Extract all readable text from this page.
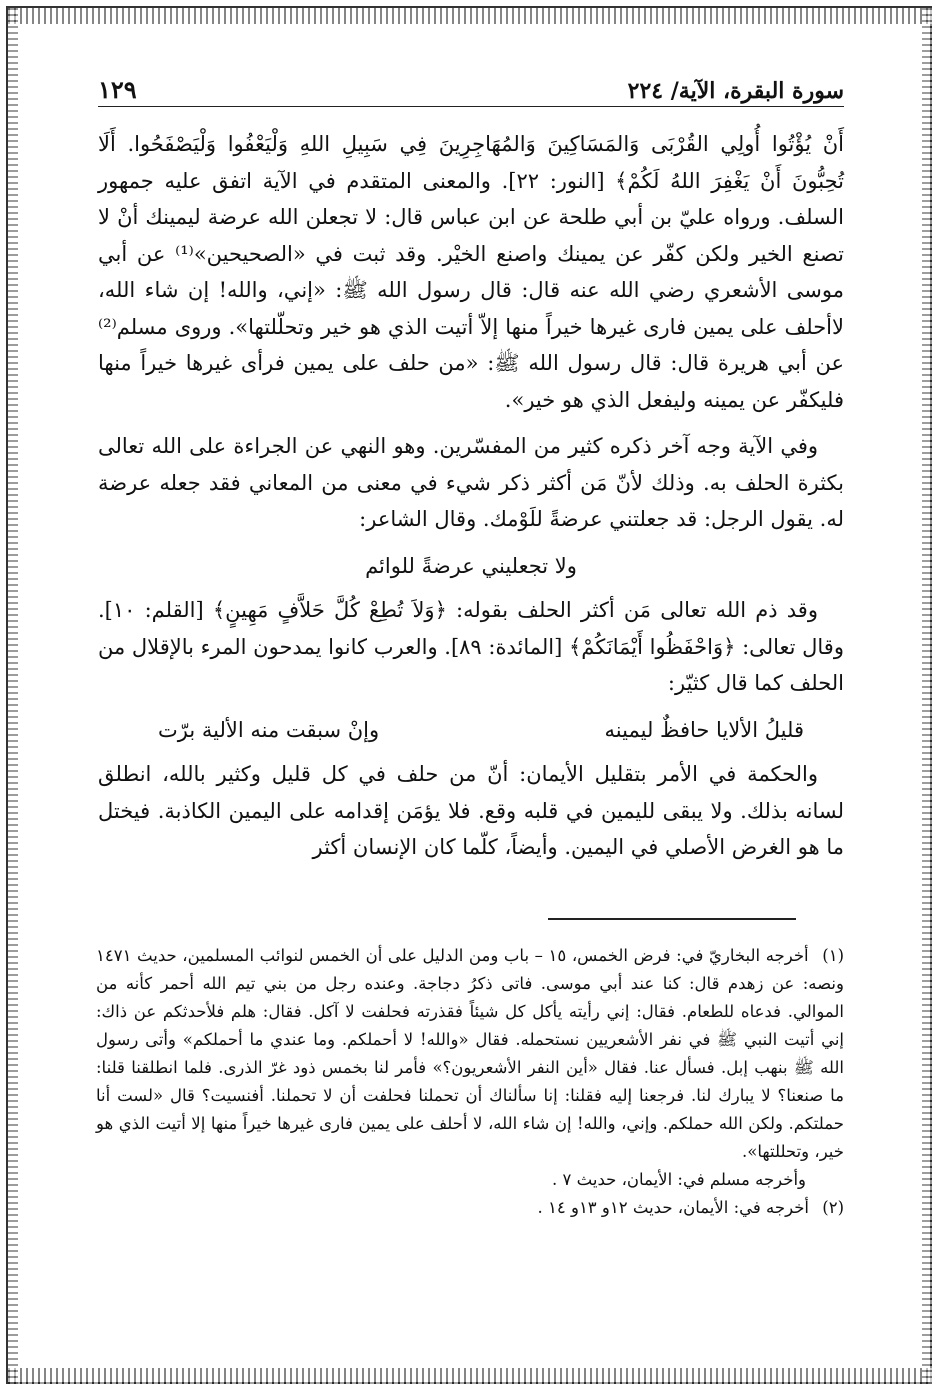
١٢٩	سورة البقرة، الآية/ ٢٢٤

أَنْ يُؤْتُوا أُولِي القُرْبَى وَالمَسَاكِينَ وَالمُهَاجِرِينَ فِي سَبِيلِ اللهِ وَلْيَعْفُوا وَلْيَصْفَحُوا. أَلَا تُحِبُّونَ أَنْ يَغْفِرَ اللهُ لَكُمْ﴾ [النور: ٢٢]. والمعنى المتقدم في الآية اتفق عليه جمهور السلف. ورواه عليّ بن أبي طلحة عن ابن عباس قال: لا تجعلن الله عرضة ليمينك أنْ لا تصنع الخير ولكن كفّر عن يمينك واصنع الخيْر. وقد ثبت في «الصحيحين»⁽¹⁾ عن أبي موسى الأشعري رضي الله عنه قال: قال رسول الله ﷺ: «إني، والله! إن شاء الله، لاأحلف على يمين فارى غيرها خيراً منها إلاّ أتيت الذي هو خير وتحلّلتها». وروى مسلم⁽²⁾ عن أبي هريرة قال: قال رسول الله ﷺ: «من حلف على يمين فرأى غيرها خيراً منها فليكفّر عن يمينه وليفعل الذي هو خير».

وفي الآية وجه آخر ذكره كثير من المفسّرين. وهو النهي عن الجراءة على الله تعالى بكثرة الحلف به. وذلك لأنّ مَن أكثر ذكر شيء في معنى من المعاني فقد جعله عرضة له. يقول الرجل: قد جعلتني عرضةً للَوْمك. وقال الشاعر:

ولا تجعليني عرضةً للوائم

وقد ذم الله تعالى مَن أكثر الحلف بقوله: ﴿وَلاَ تُطِعْ كُلَّ حَلاَّفٍ مَهِينٍ﴾ [القلم: ١٠]. وقال تعالى: ﴿وَاحْفَظُوا أَيْمَانَكُمْ﴾ [المائدة: ٨٩]. والعرب كانوا يمدحون المرء بالإقلال من الحلف كما قال كثيّر:

قليلُ الألايا حافظٌ ليمينه
وإنْ سبقت منه الألية برّت

والحكمة في الأمر بتقليل الأيمان: أنّ من حلف في كل قليل وكثير بالله، انطلق لسانه بذلك. ولا يبقى لليمين في قلبه وقع. فلا يؤمَن إقدامه على اليمين الكاذبة. فيختل ما هو الغرض الأصلي في اليمين. وأيضاً، كلّما كان الإنسان أكثر

(١) أخرجه البخاريّ في: فرض الخمس، ١٥ – باب ومن الدليل على أن الخمس لنوائب المسلمين، حديث ١٤٧١ ونصه: عن زهدم قال: كنا عند أبي موسى. فاتى ذكرُ دجاجة. وعنده رجل من بني تيم الله أحمر كأنه من الموالي. فدعاه للطعام. فقال: إني رأيته يأكل كل شيئاً فقذرته فحلفت لا آكل. فقال: هلم فلأحدثكم عن ذاك: إني أتيت النبي ﷺ في نفر الأشعريين نستحمله. فقال «والله! لا أحملكم. وما عندي ما أحملكم» وأتى رسول الله ﷺ بنهب إبل. فسأل عنا. فقال «أين النفر الأشعريون؟» فأمر لنا بخمس ذود غرّ الذرى. فلما انطلقنا قلنا: ما صنعنا؟ لا يبارك لنا. فرجعنا إليه فقلنا: إنا سألناك أن تحملنا فحلفت أن لا تحملنا. أفنسيت؟ قال «لست أنا حملتكم. ولكن الله حملكم. وإني، والله! إن شاء الله، لا أحلف على يمين فارى غيرها خيراً منها إلا أتيت الذي هو خير، وتحللتها».

وأخرجه مسلم في: الأيمان، حديث ٧ .

(٢) أخرجه في: الأيمان، حديث ١٢و ١٣و ١٤ .
